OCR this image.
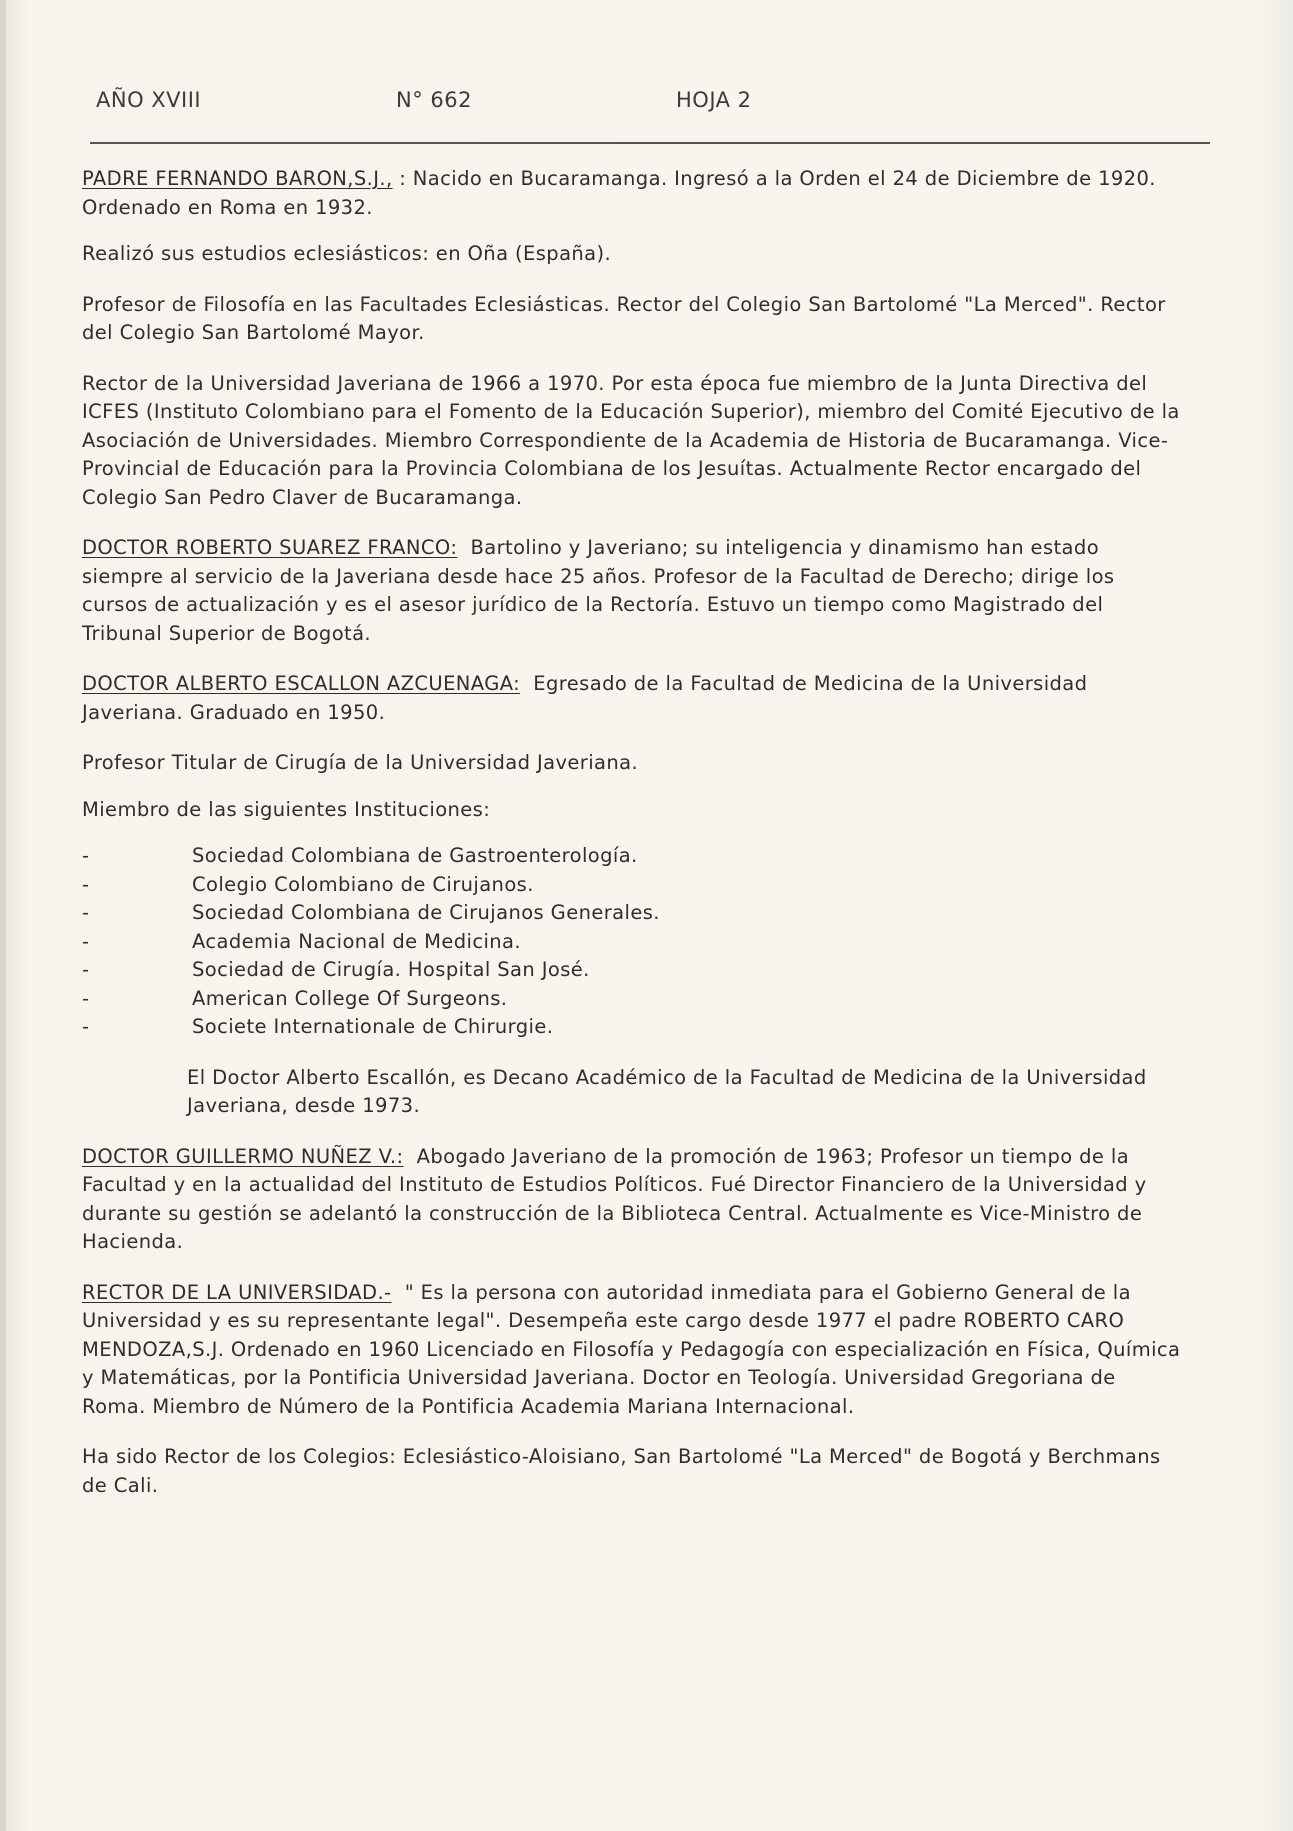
AÑO XVIII	N° 662	HOJA 2

PADRE FERNANDO BARON,S.J., : Nacido en Bucaramanga. Ingresó a la Orden el 24 de Diciembre de 1920. Ordenado en Roma en 1932.

Realizó sus estudios eclesiásticos: en Oña (España).

Profesor de Filosofía en las Facultades Eclesiásticas. Rector del Colegio San Bartolomé "La Merced". Rector del Colegio San Bartolomé Mayor.

Rector de la Universidad Javeriana de 1966 a 1970. Por esta época fue miembro de la Junta Directiva del ICFES (Instituto Colombiano para el Fomento de la Educación Superior), miembro del Comité Ejecutivo de la Asociación de Universidades. Miembro Correspondiente de la Academia de Historia de Bucaramanga. Vice-Provincial de Educación para la Provincia Colombiana de los Jesuítas. Actualmente Rector encargado del Colegio San Pedro Claver de Bucaramanga.

DOCTOR ROBERTO SUAREZ FRANCO: Bartolino y Javeriano; su inteligencia y dinamismo han estado siempre al servicio de la Javeriana desde hace 25 años. Profesor de la Facultad de Derecho; dirige los cursos de actualización y es el asesor jurídico de la Rectoría. Estuvo un tiempo como Magistrado del Tribunal Superior de Bogotá.

DOCTOR ALBERTO ESCALLON AZCUENAGA: Egresado de la Facultad de Medicina de la Universidad Javeriana. Graduado en 1950.

Profesor Titular de Cirugía de la Universidad Javeriana.

Miembro de las siguientes Instituciones:

-	Sociedad Colombiana de Gastroenterología.
-	Colegio Colombiano de Cirujanos.
-	Sociedad Colombiana de Cirujanos Generales.
-	Academia Nacional de Medicina.
-	Sociedad de Cirugía. Hospital San José.
-	American College Of Surgeons.
-	Societe Internationale de Chirurgie.

El Doctor Alberto Escallón, es Decano Académico de la Facultad de Medicina de la Universidad Javeriana, desde 1973.

DOCTOR GUILLERMO NUÑEZ V.: Abogado Javeriano de la promoción de 1963; Profesor un tiempo de la Facultad y en la actualidad del Instituto de Estudios Políticos. Fué Director Financiero de la Universidad y durante su gestión se adelantó la construcción de la Biblioteca Central. Actualmente es Vice-Ministro de Hacienda.

RECTOR DE LA UNIVERSIDAD.- " Es la persona con autoridad inmediata para el Gobierno General de la Universidad y es su representante legal". Desempeña este cargo desde 1977 el padre ROBERTO CARO MENDOZA,S.J. Ordenado en 1960 Licenciado en Filosofía y Pedagogía con especialización en Física, Química y Matemáticas, por la Pontificia Universidad Javeriana. Doctor en Teología. Universidad Gregoriana de Roma. Miembro de Número de la Pontificia Academia Mariana Internacional.

Ha sido Rector de los Colegios: Eclesiástico-Aloisiano, San Bartolomé "La Merced" de Bogotá y Berchmans de Cali.
